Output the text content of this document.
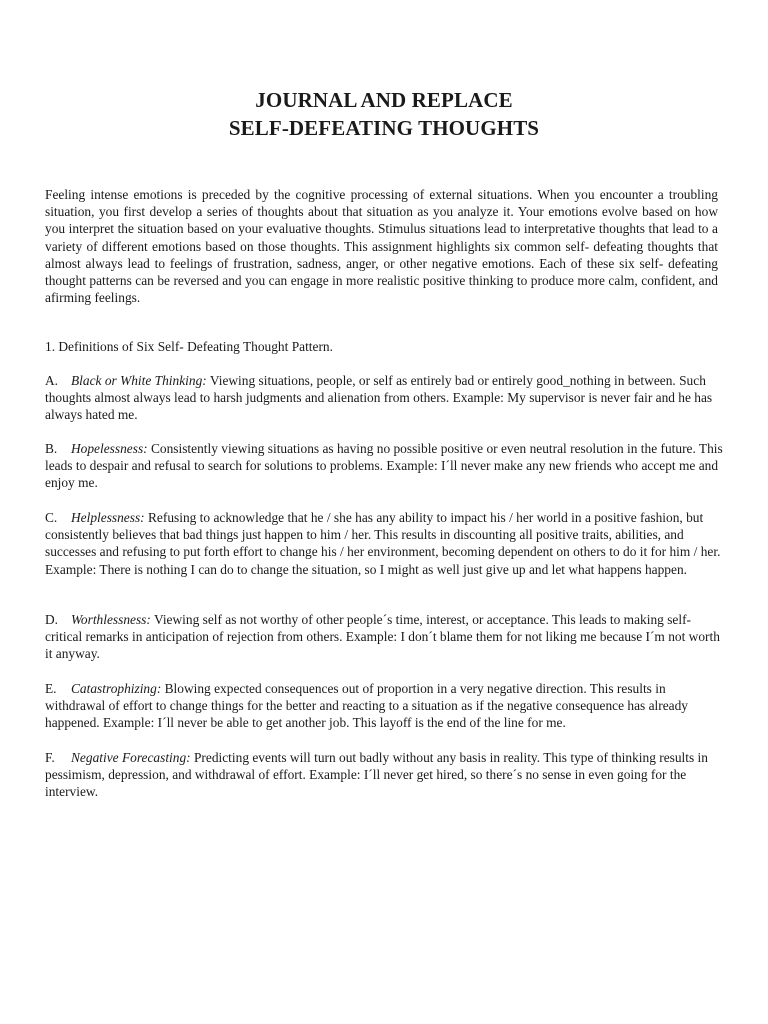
JOURNAL AND REPLACE
SELF-DEFEATING THOUGHTS

Feeling intense emotions is preceded by the cognitive processing of external situations. When you encounter a troubling situation, you first develop a series of thoughts about that situation as you analyze it. Your emotions evolve based on how you interpret the situation based on your evaluative thoughts. Stimulus situations lead to interpretative thoughts that lead to a variety of different emotions based on those thoughts. This assignment highlights six common self- defeating thoughts that almost always lead to feelings of frustration, sadness, anger, or other negative emotions. Each of these six self- defeating thought patterns can be reversed and you can engage in more realistic positive thinking to produce more calm, confident, and afirming feelings.

1. Definitions of Six Self- Defeating Thought Pattern.

A. Black or White Thinking: Viewing situations, people, or self as entirely bad or entirely good_nothing in between. Such thoughts almost always lead to harsh judgments and alienation from others. Example: My supervisor is never fair and he has always hated me.

B. Hopelessness: Consistently viewing situations as having no possible positive or even neutral resolution in the future. This leads to despair and refusal to search for solutions to problems. Example: I´ll never make any new friends who accept me and enjoy me.

C. Helplessness: Refusing to acknowledge that he / she has any ability to impact his / her world in a positive fashion, but consistently believes that bad things just happen to him / her. This results in discounting all positive traits, abilities, and successes and refusing to put forth effort to change his / her environment, becoming dependent on others to do it for him / her. Example: There is nothing I can do to change the situation, so I might as well just give up and let what happens happen.

D. Worthlessness: Viewing self as not worthy of other people´s time, interest, or acceptance. This leads to making self- critical remarks in anticipation of rejection from others. Example: I don´t blame them for not liking me because I´m not worth it anyway.

E. Catastrophizing: Blowing expected consequences out of proportion in a very negative direction. This results in withdrawal of effort to change things for the better and reacting to a situation as if the negative consequence has already happened. Example: I´ll never be able to get another job. This layoff is the end of the line for me.

F. Negative Forecasting: Predicting events will turn out badly without any basis in reality. This type of thinking results in pessimism, depression, and withdrawal of effort. Example: I´ll never get hired, so there´s no sense in even going for the interview.
